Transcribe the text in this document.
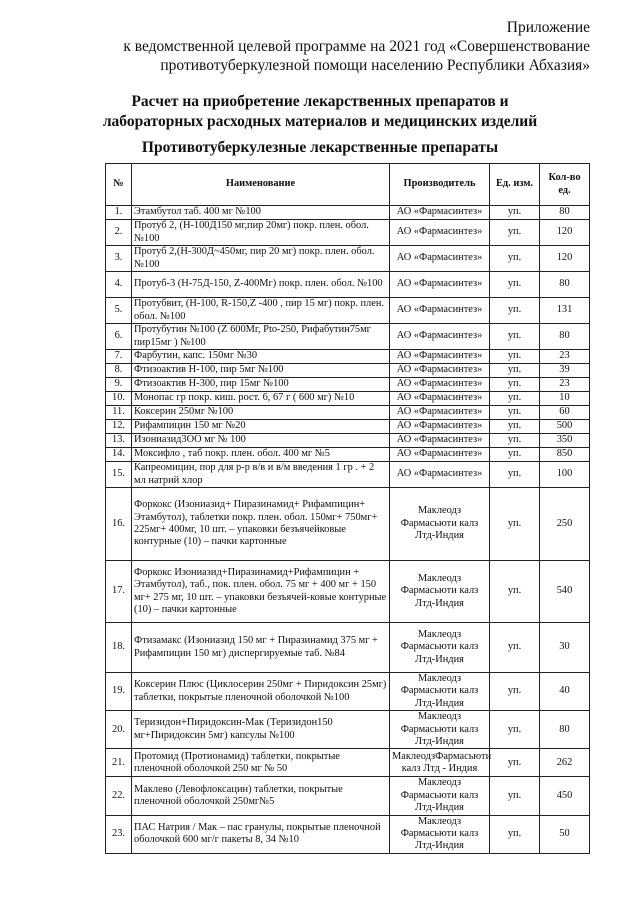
Приложение
к ведомственной целевой программе на 2021 год «Совершенствование
противотуберкулезной помощи населению Республики Абхазия»
Расчет на приобретение лекарственных препаратов и
лабораторных расходных материалов и медицинских изделий
Противотуберкулезные лекарственные препараты
№	Наименование	Производитель	Ед. изм.	Кол-во ед.
1.	Этамбутол таб. 400 мг №100	АО «Фармасинтез»	уп.	80
2.	Протуб 2, (Н-100Д150 мг,пир 20мг) покр. плен. обол. №100	АО «Фармасинтез»	уп.	120
3.	Протуб 2,(Н-300Д~450мг, пир 20 мг) покр. плен. обол. №100	АО «Фармасинтез»	уп.	120
4.	Протуб-3 (Н-75Д-150, Z-400Мг) покр. плен. обол. №100	АО «Фармасинтез»	уп.	80
5.	Протубвит, (Н-100, R-150,Z -400 , пир 15 мг) покр. плен. обол. №100	АО «Фармасинтез»	уп.	131
6.	Протубутин №100 (Z 600Мг, Рto-250, Рифабутин75мг пир15мг ) №100	АО «Фармасинтез»	уп.	80
7.	Фарбутин, капс. 150мг №30	АО «Фармасинтез»	уп.	23
8.	Фтизоактив Н-100, пир 5мг №100	АО «Фармасинтез»	уп.	39
9.	Фтизоактив Н-300, пир 15мг №100	АО «Фармасинтез»	уп.	23
10.	Монопас гр покр. киш. рост. 6, 67 г ( 600 мг) №10	АО «Фармасинтез»	уп.	10
11.	Коксерин 250мг №100	АО «Фармасинтез»	уп.	60
12.	Рифампицин 150 мг №20	АО «Фармасинтез»	уп.	500
13.	Изониазид3ОО мг № 100	АО «Фармасинтез»	уп.	350
14.	Моксифло , таб покр. плен. обол. 400 мг №5	АО «Фармасинтез»	уп.	850
15.	Капреомицин, пор для р-р в/в и в/м введения 1 гр . + 2 мл натрий хлор	АО «Фармасинтез»	уп.	100
16.	Форкокс (Изониазид+ Пиразинамид+ Рифампицин+ Этамбутол), таблетки покр. плен. обол. 150мг+ 750мг+ 225мг+ 400мг, 10 шт. – упаковки безъячейковые контурные (10) – пачки картонные	Маклеодз Фармасьюти калз Лтд-Индия	уп.	250
17.	Форкокс Изониазид+Пиразинамид+Рифампицин + Этамбутол), таб., пок. плен. обол. 75 мг + 400 мг + 150 мг+ 275 мг, 10 шт. – упаковки безъячей-ковые контурные (10) – пачки картонные	Маклеодз Фармасьюти калз Лтд-Индия	уп.	540
18.	Фтизамакс (Изониазид 150 мг + Пиразинамид 375 мг + Рифампицин 150 мг) диспергируемые таб. №84	Маклеодз Фармасьюти калз Лтд-Индия	уп.	30
19.	Коксерин Плюс (Циклосерин 250мг + Пиридоксин 25мг) таблетки, покрытые пленочной оболочкой №100	Маклеодз Фармасьюти калз Лтд-Индия	уп.	40
20.	Теризидон+Пиридоксин-Мак (Теризидон150 мг+Пиридоксин 5мг) капсулы №100	Маклеодз Фармасьюти калз Лтд-Индия	уп.	80
21.	Протомид (Протионамид) таблетки, покрытые пленочной оболочкой 250 мг № 50	МаклеодзФармасьюти калз Лтд - Индия	уп.	262
22.	Маклево (Левофлоксацин) таблетки, покрытые пленочной оболочкой 250мг№5	Маклеодз Фармасьюти калз Лтд-Индия	уп.	450
23.	ПАС Натрия / Мак – пас гранулы, покрытые пленочной оболочкой 600 мг/г пакеты 8, 34 №10	Маклеодз Фармасьюти калз Лтд-Индия	уп.	50
